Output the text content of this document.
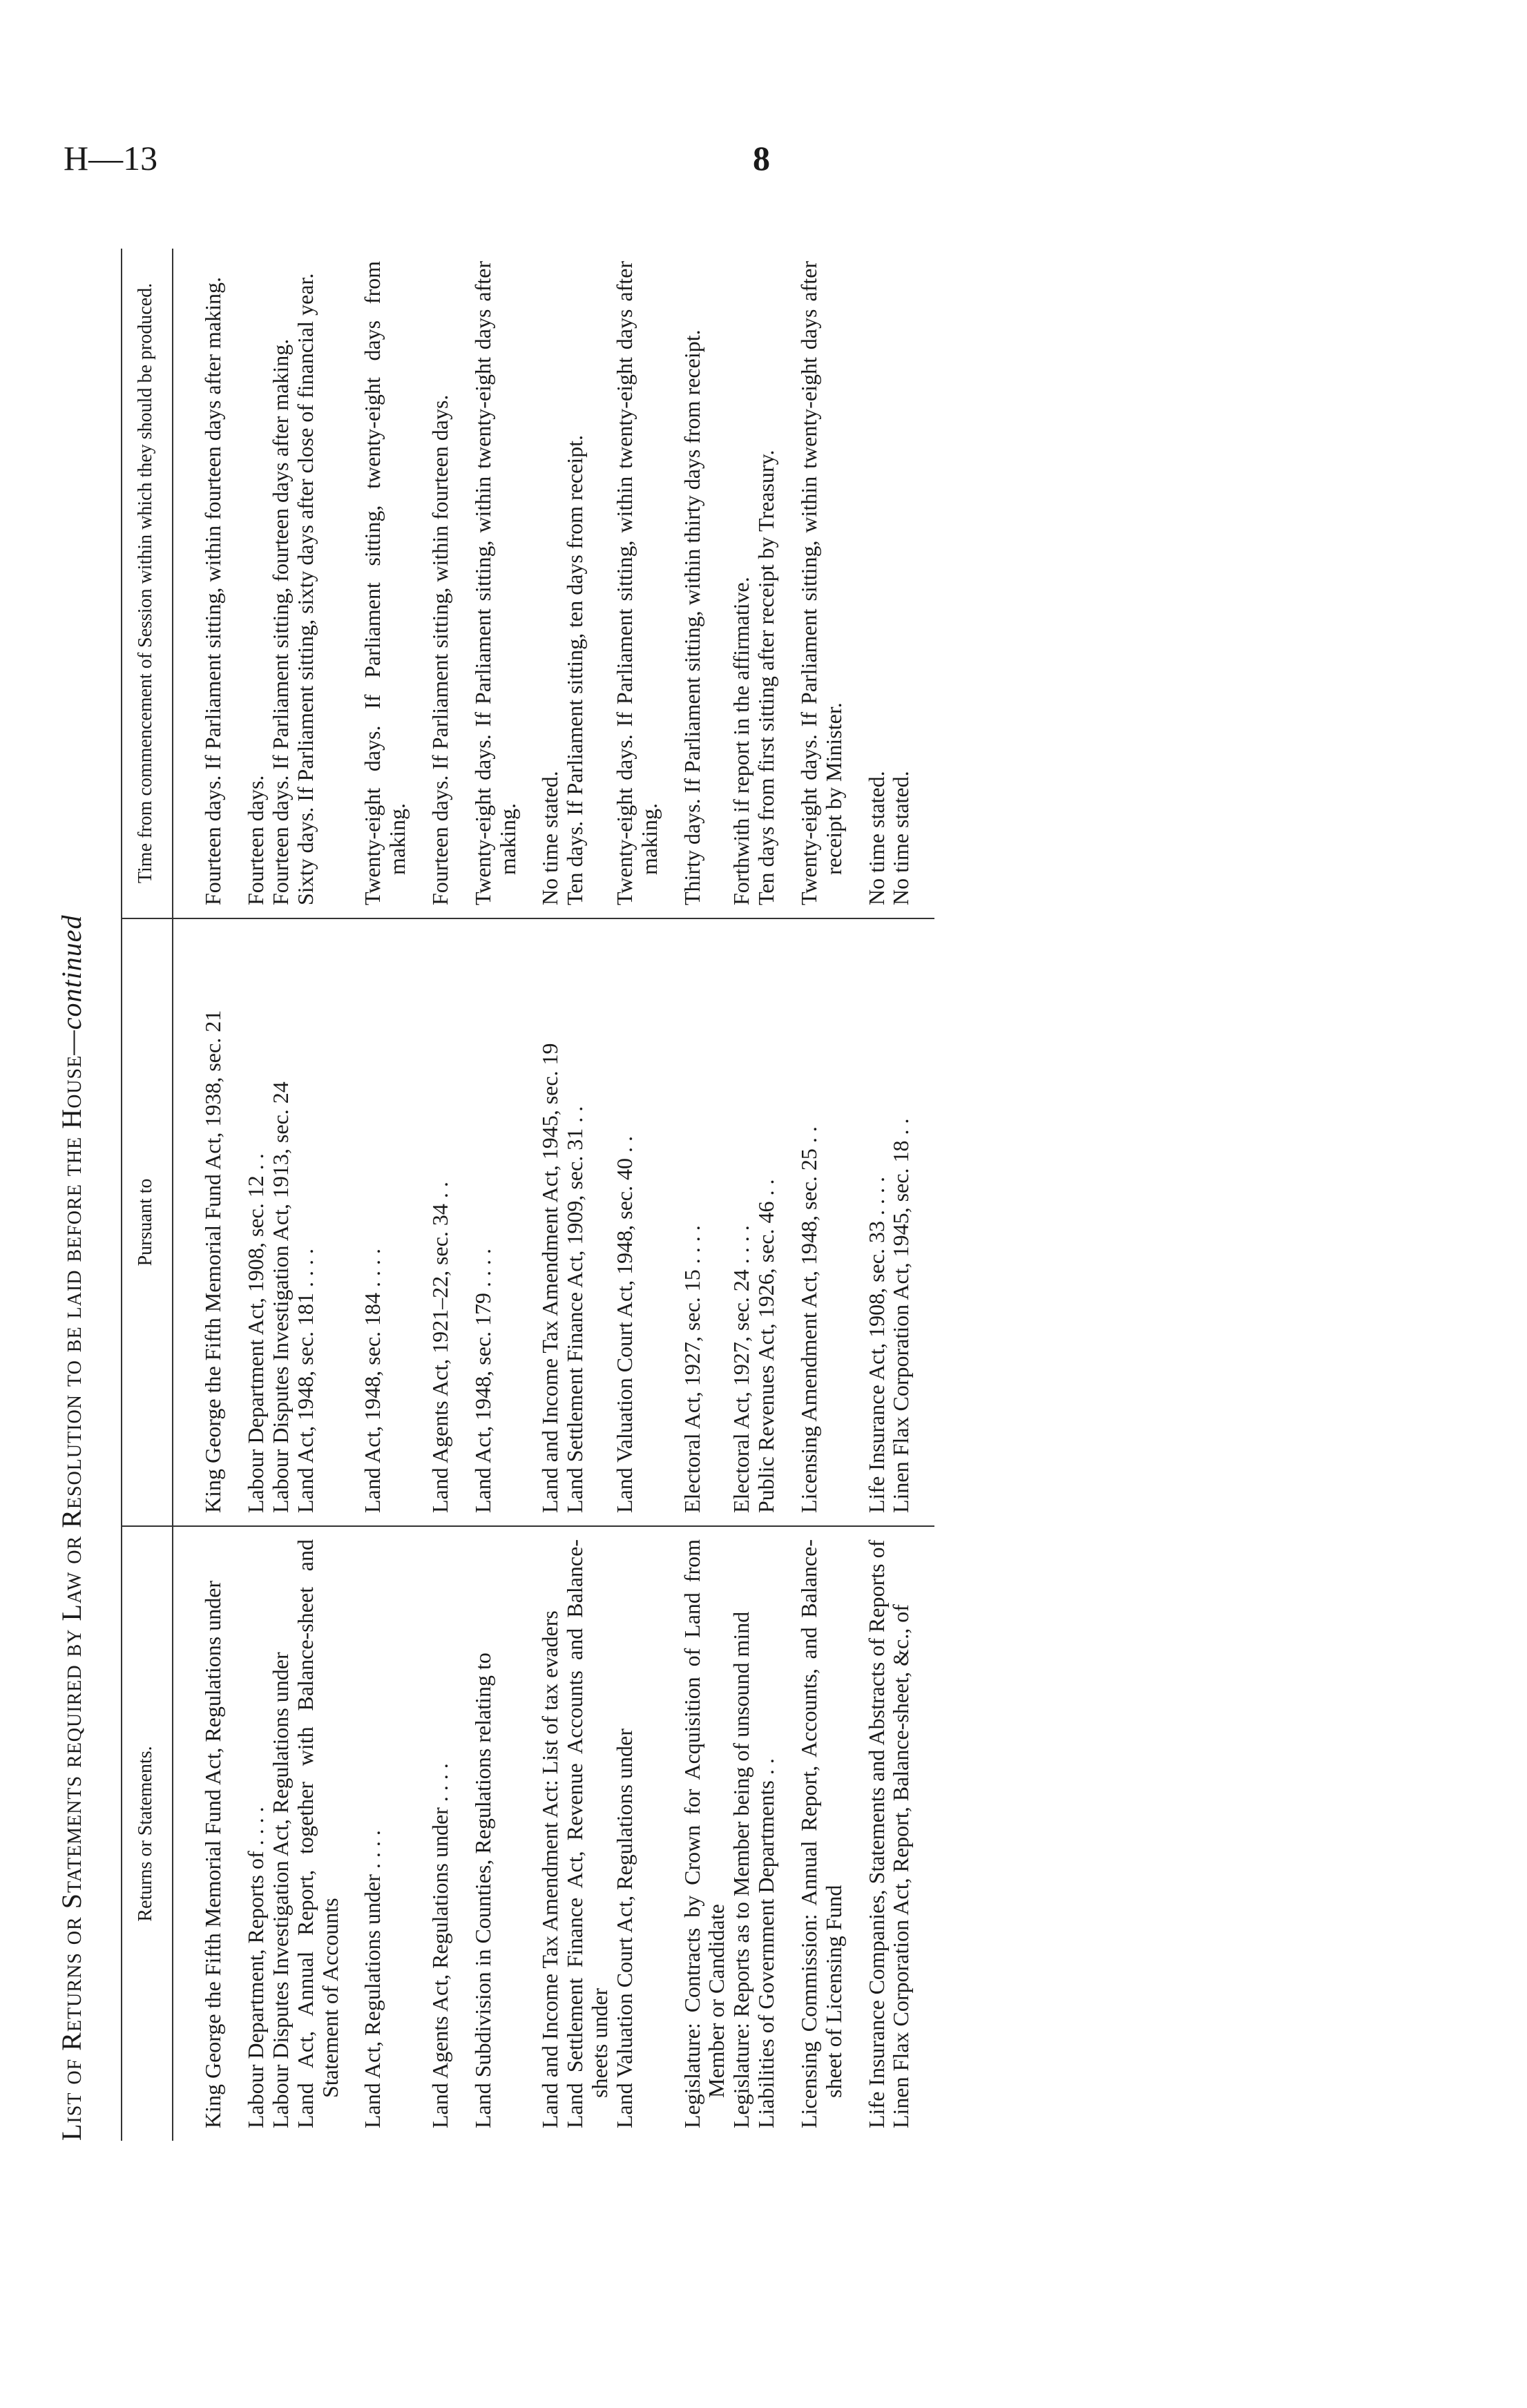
H—13	8
List of Returns or Statements required by Law or Resolution to be laid before the House—continued
Returns or Statements.	Pursuant to	Time from commencement of Session within which they should be produced.

King George the Fifth Memorial Fund Act, Regulations under	King George the Fifth Memorial Fund Act, 1938, sec. 21	Fourteen days. If Parliament sitting, within fourteen days after making.

Labour Department, Reports of . . . .	Labour Department Act, 1908, sec. 12 . .	Fourteen days.

Labour Disputes Investigation Act, Regulations under	Labour Disputes Investigation Act, 1913, sec. 24	Fourteen days. If Parliament sitting, fourteen days after making.

Land Act, Annual Report, together with Balance-sheet and Statement of Accounts	Land Act, 1948, sec. 181 . . . .	Sixty days. If Parliament sitting, sixty days after close of financial year.

Land Act, Regulations under . . . .	Land Act, 1948, sec. 184 . . . .	Twenty-eight days. If Parliament sitting, twenty-eight days from making.

Land Agents Act, Regulations under . . . .	Land Agents Act, 1921–22, sec. 34 . .	Fourteen days. If Parliament sitting, within fourteen days.

Land Subdivision in Counties, Regulations relating to	Land Act, 1948, sec. 179 . . . .	Twenty-eight days. If Parliament sitting, within twenty-eight days after making.

Land and Income Tax Amendment Act: List of tax evaders	Land and Income Tax Amendment Act, 1945, sec. 19	No time stated.

Land Settlement Finance Act, Revenue Accounts and Balance-sheets under	Land Settlement Finance Act, 1909, sec. 31 . .	Ten days. If Parliament sitting, ten days from receipt.

Land Valuation Court Act, Regulations under	Land Valuation Court Act, 1948, sec. 40 . .	Twenty-eight days. If Parliament sitting, within twenty-eight days after making.

Legislature: Contracts by Crown for Acquisition of Land from Member or Candidate	Electoral Act, 1927, sec. 15 . . . .	Thirty days. If Parliament sitting, within thirty days from receipt.

Legislature: Reports as to Member being of unsound mind	Electoral Act, 1927, sec. 24 . . . .	Forthwith if report in the affirmative.

Liabilities of Government Departments . .	Public Revenues Act, 1926, sec. 46 . .	Ten days from first sitting after receipt by Treasury.

Licensing Commission: Annual Report, Accounts, and Balance-sheet of Licensing Fund	Licensing Amendment Act, 1948, sec. 25 . .	Twenty-eight days. If Parliament sitting, within twenty-eight days after receipt by Minister.

Life Insurance Companies, Statements and Abstracts of Reports of	Life Insurance Act, 1908, sec. 33 . . . .	No time stated.

Linen Flax Corporation Act, Report, Balance-sheet, &c., of	Linen Flax Corporation Act, 1945, sec. 18 . .	No time stated.
